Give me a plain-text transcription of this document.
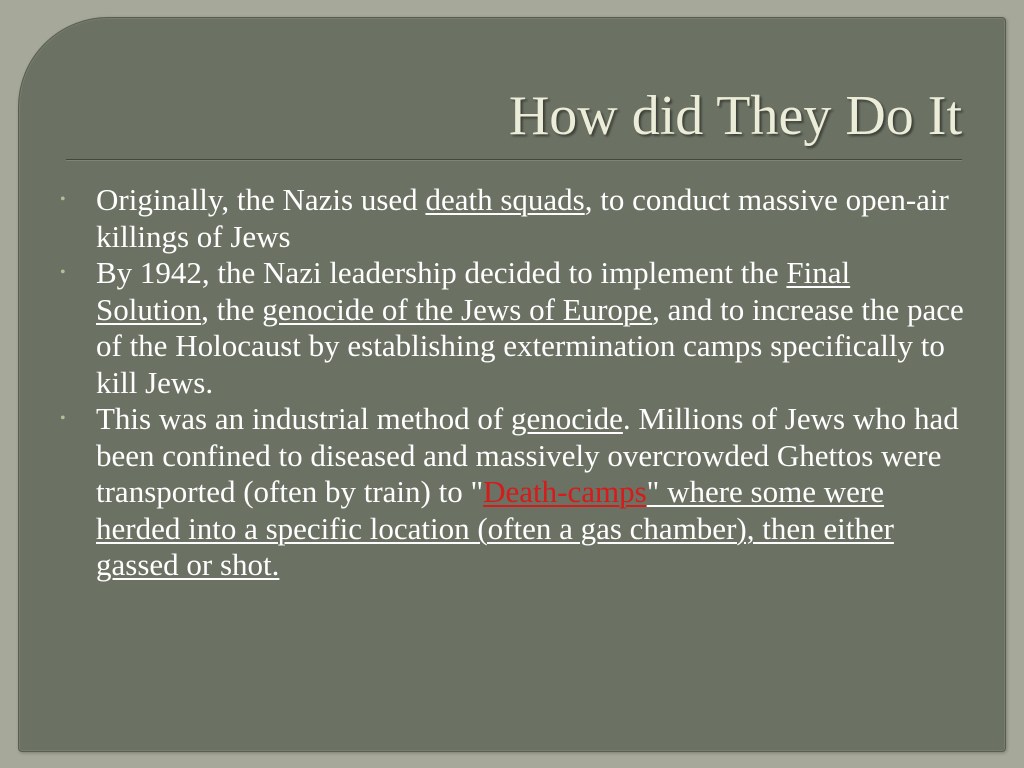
How did They Do It
• Originally, the Nazis used death squads, to conduct massive open-air killings of Jews
• By 1942, the Nazi leadership decided to implement the Final Solution, the genocide of the Jews of Europe, and to increase the pace of the Holocaust by establishing extermination camps specifically to kill Jews.
• This was an industrial method of genocide. Millions of Jews who had been confined to diseased and massively overcrowded Ghettos were transported (often by train) to "Death-camps" where some were herded into a specific location (often a gas chamber), then either gassed or shot.
